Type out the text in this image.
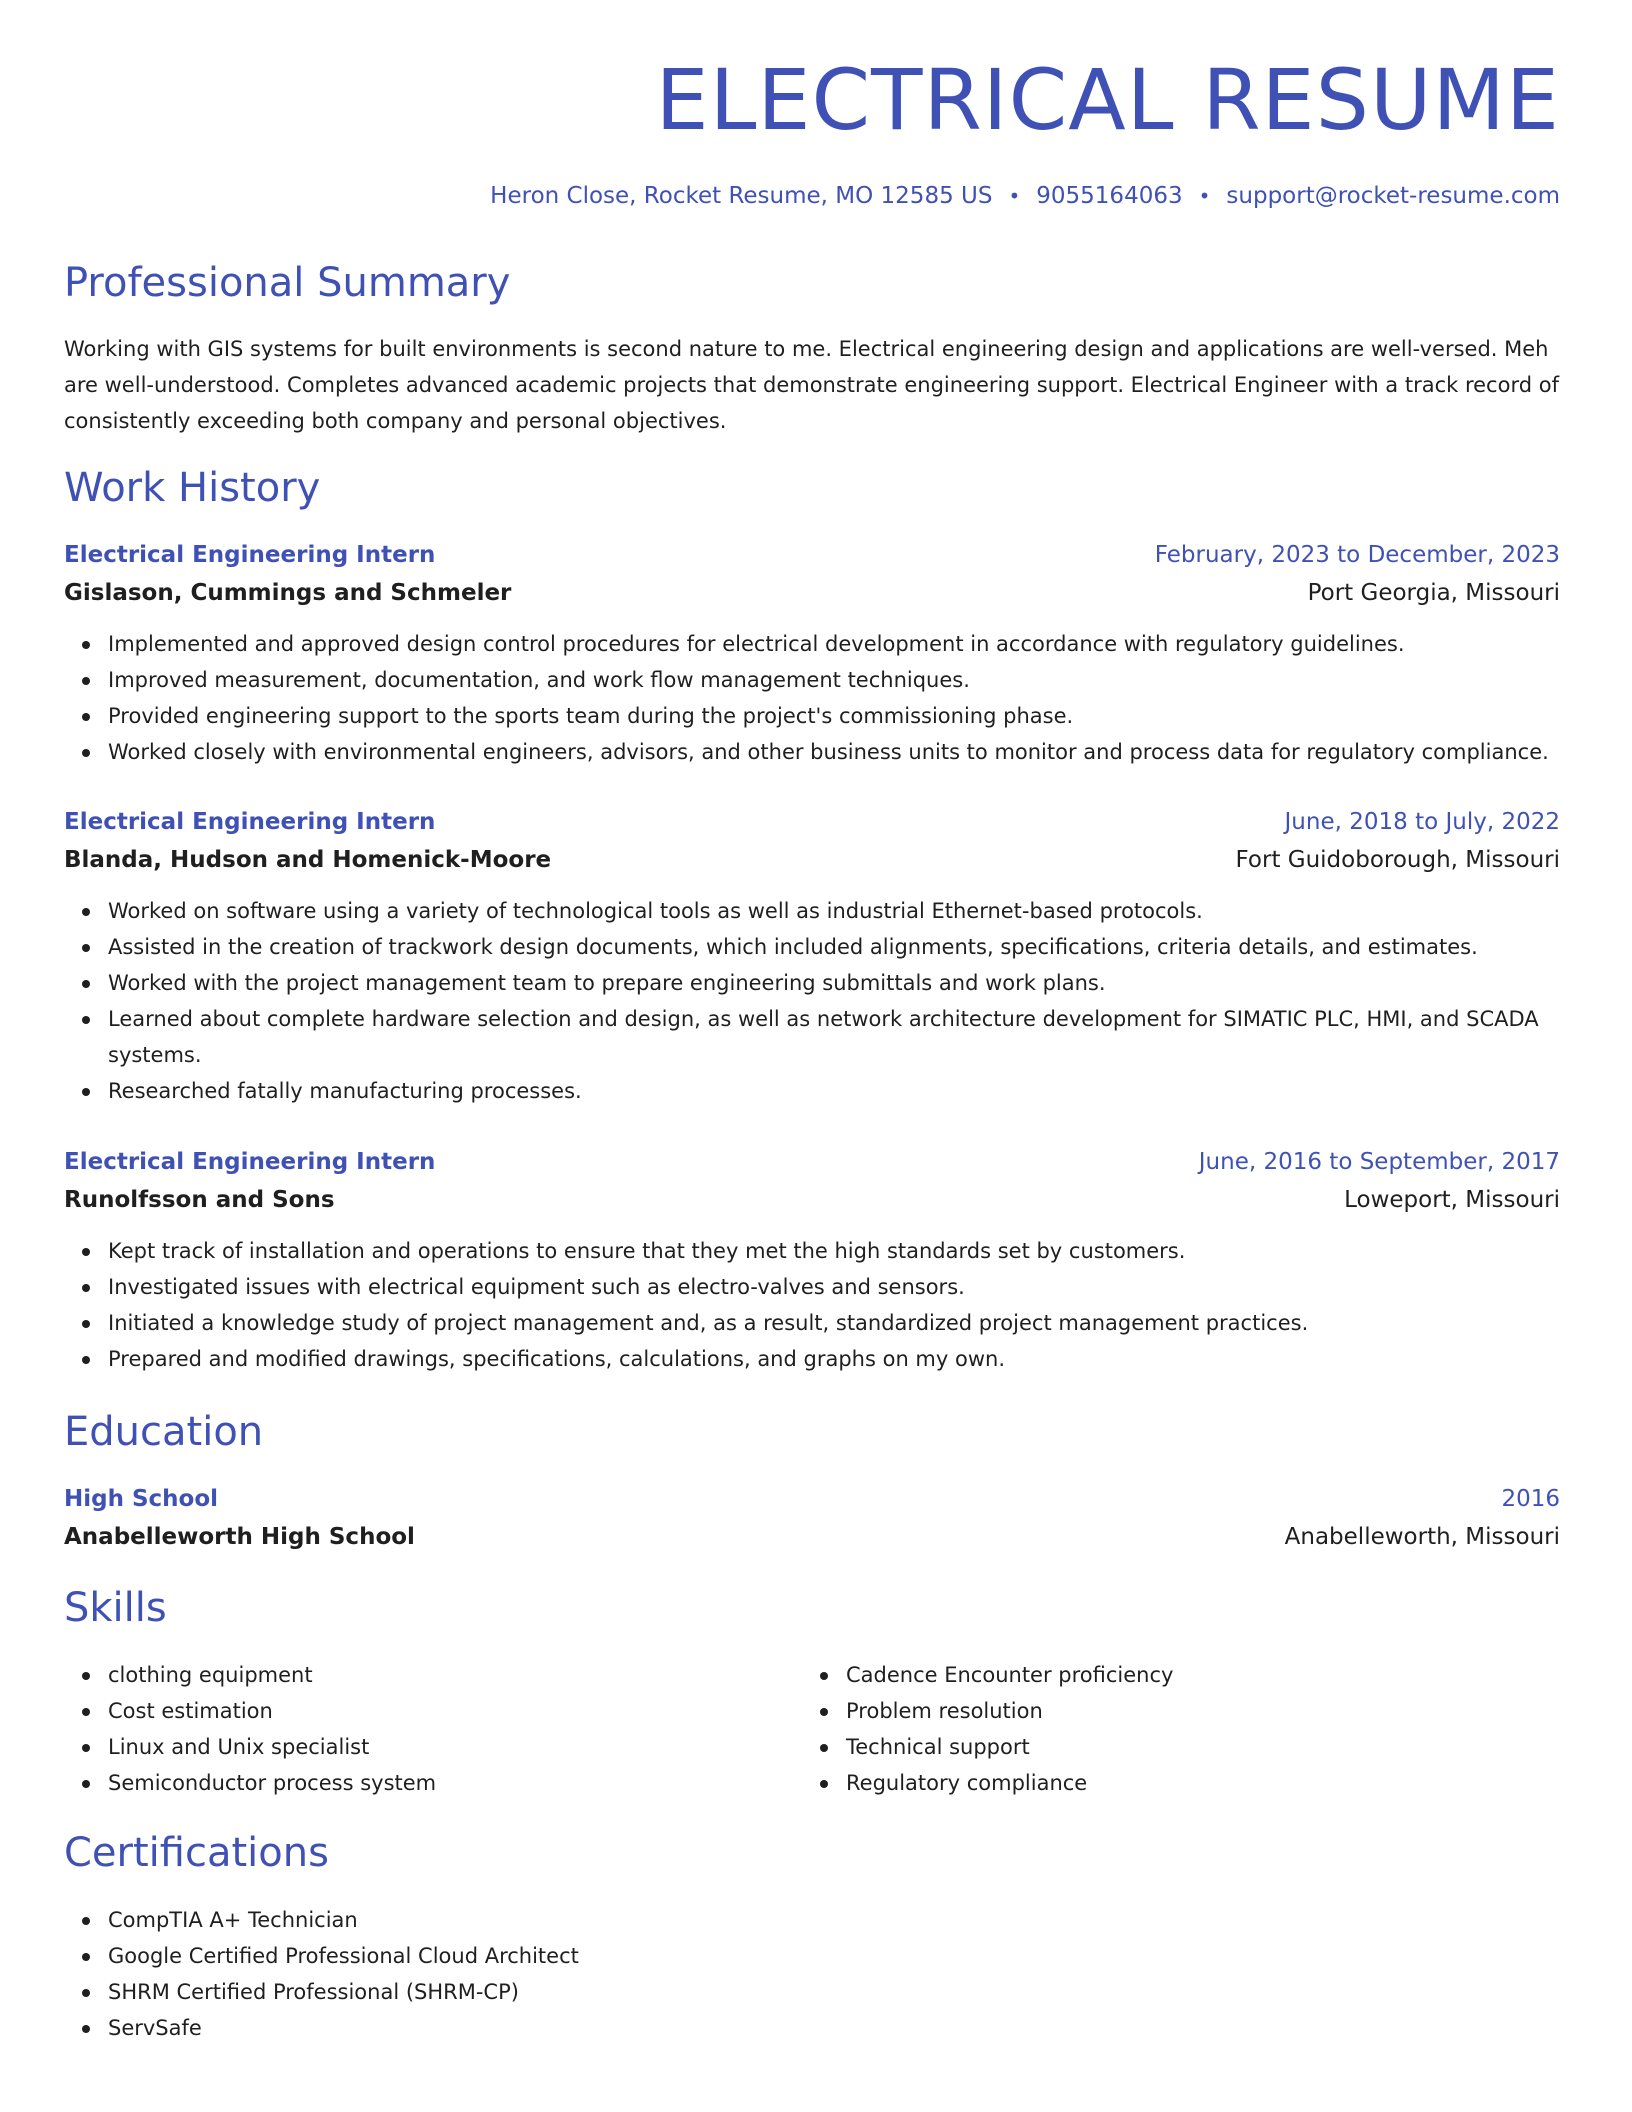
ELECTRICAL RESUME
Heron Close, Rocket Resume, MO 12585 US • 9055164063 • support@rocket-resume.com
Professional Summary

Working with GIS systems for built environments is second nature to me. Electrical engineering design and applications are well-versed. Meh are well-understood. Completes advanced academic projects that demonstrate engineering support. Electrical Engineer with a track record of consistently exceeding both company and personal objectives.

Work History
Electrical Engineering Intern	February, 2023 to December, 2023
Gislason, Cummings and Schmeler	Port Georgia, Missouri
Implemented and approved design control procedures for electrical development in accordance with regulatory guidelines.
Improved measurement, documentation, and work flow management techniques.
Provided engineering support to the sports team during the project's commissioning phase.
Worked closely with environmental engineers, advisors, and other business units to monitor and process data for regulatory compliance.
Electrical Engineering Intern	June, 2018 to July, 2022
Blanda, Hudson and Homenick-Moore	Fort Guidoborough, Missouri
Worked on software using a variety of technological tools as well as industrial Ethernet-based protocols.
Assisted in the creation of trackwork design documents, which included alignments, specifications, criteria details, and estimates.
Worked with the project management team to prepare engineering submittals and work plans.
Learned about complete hardware selection and design, as well as network architecture development for SIMATIC PLC, HMI, and SCADA systems.
Researched fatally manufacturing processes.
Electrical Engineering Intern	June, 2016 to September, 2017
Runolfsson and Sons	Loweport, Missouri
Kept track of installation and operations to ensure that they met the high standards set by customers.
Investigated issues with electrical equipment such as electro-valves and sensors.
Initiated a knowledge study of project management and, as a result, standardized project management practices.
Prepared and modified drawings, specifications, calculations, and graphs on my own.
Education
High School	2016
Anabelleworth High School	Anabelleworth, Missouri
Skills
clothing equipment
Cost estimation
Linux and Unix specialist
Semiconductor process system
Cadence Encounter proficiency
Problem resolution
Technical support
Regulatory compliance
Certifications
CompTIA A+ Technician
Google Certified Professional Cloud Architect
SHRM Certified Professional (SHRM-CP)
ServSafe
